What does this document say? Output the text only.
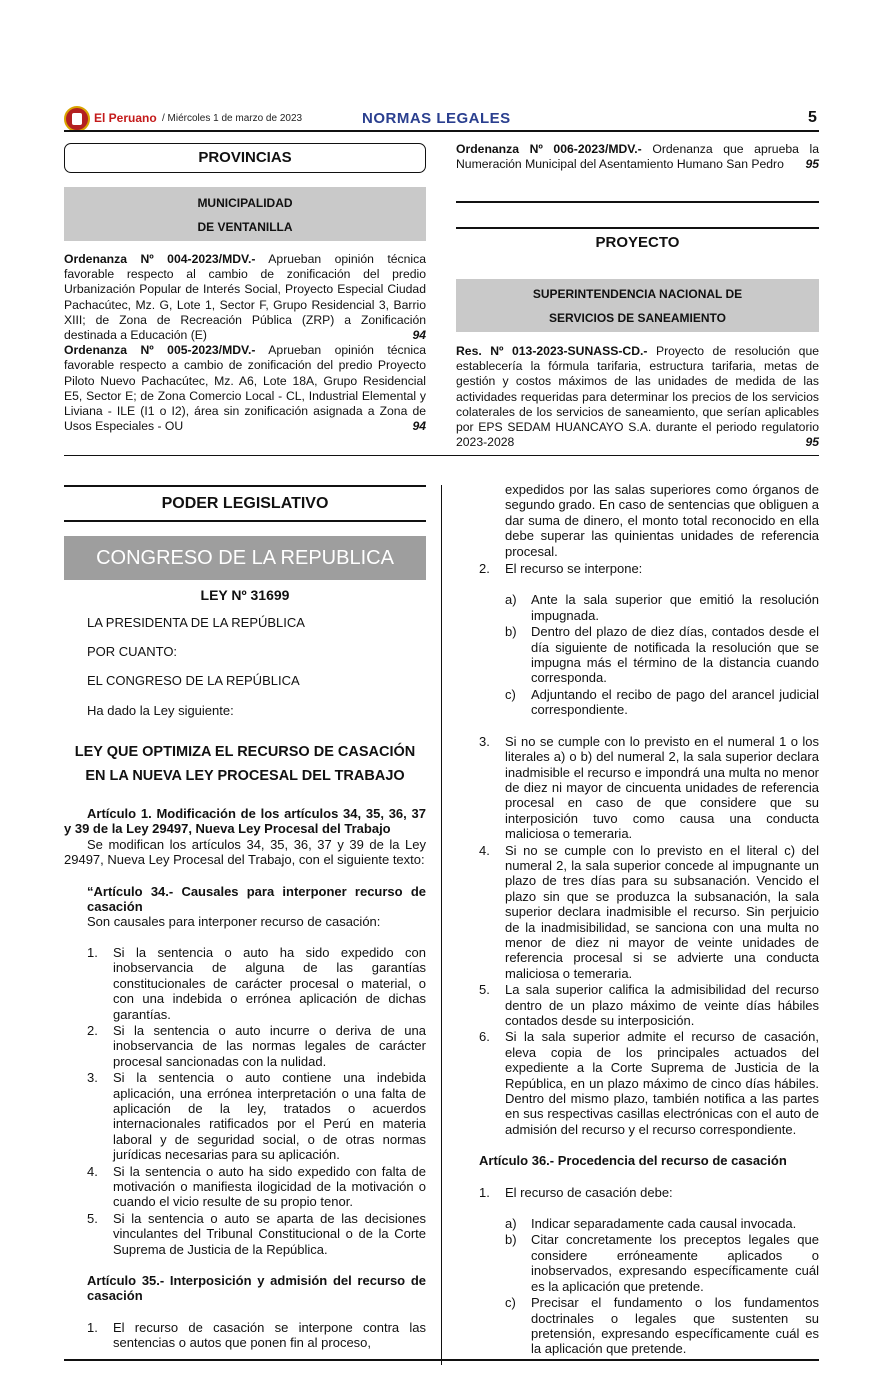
El Peruano / Miércoles 1 de marzo de 2023	NORMAS LEGALES	5
PROVINCIAS
MUNICIPALIDAD
DE VENTANILLA
Ordenanza Nº 004-2023/MDV.- Aprueban opinión técnica favorable respecto al cambio de zonificación del predio Urbanización Popular de Interés Social, Proyecto Especial Ciudad Pachacútec, Mz. G, Lote 1, Sector F, Grupo Residencial 3, Barrio XIII; de Zona de Recreación Pública (ZRP) a Zonificación destinada a Educación (E)	94
Ordenanza Nº 005-2023/MDV.- Aprueban opinión técnica favorable respecto a cambio de zonificación del predio Proyecto Piloto Nuevo Pachacútec, Mz. A6, Lote 18A, Grupo Residencial E5, Sector E; de Zona Comercio Local - CL, Industrial Elemental y Liviana - ILE (I1 o I2), área sin zonificación asignada a Zona de Usos Especiales - OU	94
Ordenanza Nº 006-2023/MDV.- Ordenanza que aprueba la Numeración Municipal del Asentamiento Humano San Pedro 95
PROYECTO
SUPERINTENDENCIA NACIONAL DE
SERVICIOS DE SANEAMIENTO
Res. Nº 013-2023-SUNASS-CD.- Proyecto de resolución que establecería la fórmula tarifaria, estructura tarifaria, metas de gestión y costos máximos de las unidades de medida de las actividades requeridas para determinar los precios de los servicios colaterales de los servicios de saneamiento, que serían aplicables por EPS SEDAM HUANCAYO S.A. durante el periodo regulatorio 2023-2028	95
PODER LEGISLATIVO
CONGRESO DE LA REPUBLICA
LEY Nº 31699

LA PRESIDENTA DE LA REPÚBLICA

POR CUANTO:

EL CONGRESO DE LA REPÚBLICA

Ha dado la Ley siguiente:

LEY QUE OPTIMIZA EL RECURSO DE CASACIÓN
EN LA NUEVA LEY PROCESAL DEL TRABAJO

Artículo 1. Modificación de los artículos 34, 35, 36, 37 y 39 de la Ley 29497, Nueva Ley Procesal del Trabajo

Se modifican los artículos 34, 35, 36, 37 y 39 de la Ley 29497, Nueva Ley Procesal del Trabajo, con el siguiente texto:

“Artículo 34.- Causales para interponer recurso de casación

Son causales para interponer recurso de casación:

1.	Si la sentencia o auto ha sido expedido con inobservancia de alguna de las garantías constitucionales de carácter procesal o material, o con una indebida o errónea aplicación de dichas garantías.
2.	Si la sentencia o auto incurre o deriva de una inobservancia de las normas legales de carácter procesal sancionadas con la nulidad.
3.	Si la sentencia o auto contiene una indebida aplicación, una errónea interpretación o una falta de aplicación de la ley, tratados o acuerdos internacionales ratificados por el Perú en materia laboral y de seguridad social, o de otras normas jurídicas necesarias para su aplicación.
4.	Si la sentencia o auto ha sido expedido con falta de motivación o manifiesta ilogicidad de la motivación o cuando el vicio resulte de su propio tenor.
5.	Si la sentencia o auto se aparta de las decisiones vinculantes del Tribunal Constitucional o de la Corte Suprema de Justicia de la República.

Artículo 35.- Interposición y admisión del recurso de casación

1.	El recurso de casación se interpone contra las sentencias o autos que ponen fin al proceso,

expedidos por las salas superiores como órganos de segundo grado. En caso de sentencias que obliguen a dar suma de dinero, el monto total reconocido en ella debe superar las quinientas unidades de referencia procesal.

2.	El recurso se interpone:
a)	Ante la sala superior que emitió la resolución impugnada.
b)	Dentro del plazo de diez días, contados desde el día siguiente de notificada la resolución que se impugna más el término de la distancia cuando corresponda.
c)	Adjuntando el recibo de pago del arancel judicial correspondiente.
3.	Si no se cumple con lo previsto en el numeral 1 o los literales a) o b) del numeral 2, la sala superior declara inadmisible el recurso e impondrá una multa no menor de diez ni mayor de cincuenta unidades de referencia procesal en caso de que considere que su interposición tuvo como causa una conducta maliciosa o temeraria.
4.	Si no se cumple con lo previsto en el literal c) del numeral 2, la sala superior concede al impugnante un plazo de tres días para su subsanación. Vencido el plazo sin que se produzca la subsanación, la sala superior declara inadmisible el recurso. Sin perjuicio de la inadmisibilidad, se sanciona con una multa no menor de diez ni mayor de veinte unidades de referencia procesal si se advierte una conducta maliciosa o temeraria.
5.	La sala superior califica la admisibilidad del recurso dentro de un plazo máximo de veinte días hábiles contados desde su interposición.
6.	Si la sala superior admite el recurso de casación, eleva copia de los principales actuados del expediente a la Corte Suprema de Justicia de la República, en un plazo máximo de cinco días hábiles. Dentro del mismo plazo, también notifica a las partes en sus respectivas casillas electrónicas con el auto de admisión del recurso y el recurso correspondiente.

Artículo 36.- Procedencia del recurso de casación

1.	El recurso de casación debe:
a)	Indicar separadamente cada causal invocada.
b)	Citar concretamente los preceptos legales que considere erróneamente aplicados o inobservados, expresando específicamente cuál es la aplicación que pretende.
c)	Precisar el fundamento o los fundamentos doctrinales o legales que sustenten su pretensión, expresando específicamente cuál es la aplicación que pretende.
